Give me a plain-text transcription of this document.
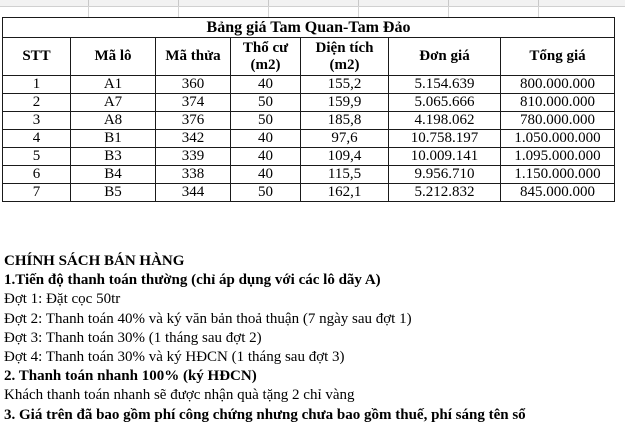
Bảng giá Tam Quan-Tam Đảo
STT	Mã lô	Mã thửa	Thổ cư (m2)	Diện tích (m2)	Đơn giá	Tổng giá
1	A1	360	40	155,2	5.154.639	800.000.000
2	A7	374	50	159,9	5.065.666	810.000.000
3	A8	376	50	185,8	4.198.062	780.000.000
4	B1	342	40	97,6	10.758.197	1.050.000.000
5	B3	339	40	109,4	10.009.141	1.095.000.000
6	B4	338	40	115,5	9.956.710	1.150.000.000
7	B5	344	50	162,1	5.212.832	845.000.000
CHÍNH SÁCH BÁN HÀNG
1.Tiến độ thanh toán thường (chỉ áp dụng với các lô dãy A)
Đợt 1: Đặt cọc 50tr
Đợt 2: Thanh toán 40% và ký văn bản thoả thuận (7 ngày sau đợt 1)
Đợt 3: Thanh toán 30% (1 tháng sau đợt 2)
Đợt 4: Thanh toán 30% và ký HĐCN (1 tháng sau đợt 3)
2. Thanh toán nhanh 100% (ký HĐCN)
Khách thanh toán nhanh sẽ được nhận quà tặng 2 chỉ vàng
3. Giá trên đã bao gồm phí công chứng nhưng chưa bao gồm thuế, phí sáng tên sổ
